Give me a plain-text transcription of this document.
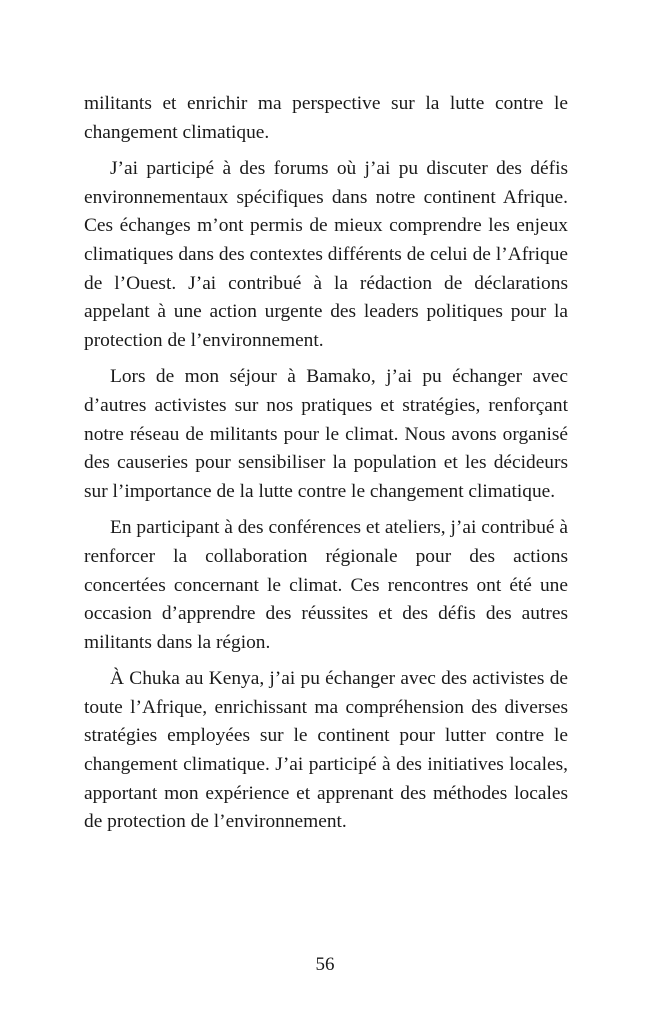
militants et enrichir ma perspective sur la lutte contre le changement climatique.

J’ai participé à des forums où j’ai pu discuter des défis environnementaux spécifiques dans notre continent Afrique. Ces échanges m’ont permis de mieux comprendre les enjeux climatiques dans des contextes différents de celui de l’Afrique de l’Ouest. J’ai contribué à la rédaction de déclarations appelant à une action urgente des leaders politiques pour la protection de l’environnement.

Lors de mon séjour à Bamako, j’ai pu échanger avec d’autres activistes sur nos pratiques et stratégies, renforçant notre réseau de militants pour le climat. Nous avons organisé des causeries pour sensibiliser la population et les décideurs sur l’importance de la lutte contre le changement climatique.

En participant à des conférences et ateliers, j’ai contribué à renforcer la collaboration régionale pour des actions concertées concernant le climat. Ces rencontres ont été une occasion d’apprendre des réussites et des défis des autres militants dans la région.

À Chuka au Kenya, j’ai pu échanger avec des activistes de toute l’Afrique, enrichissant ma compréhension des diverses stratégies employées sur le continent pour lutter contre le changement climatique. J’ai participé à des initiatives locales, apportant mon expérience et apprenant des méthodes locales de protection de l’environnement.

56
